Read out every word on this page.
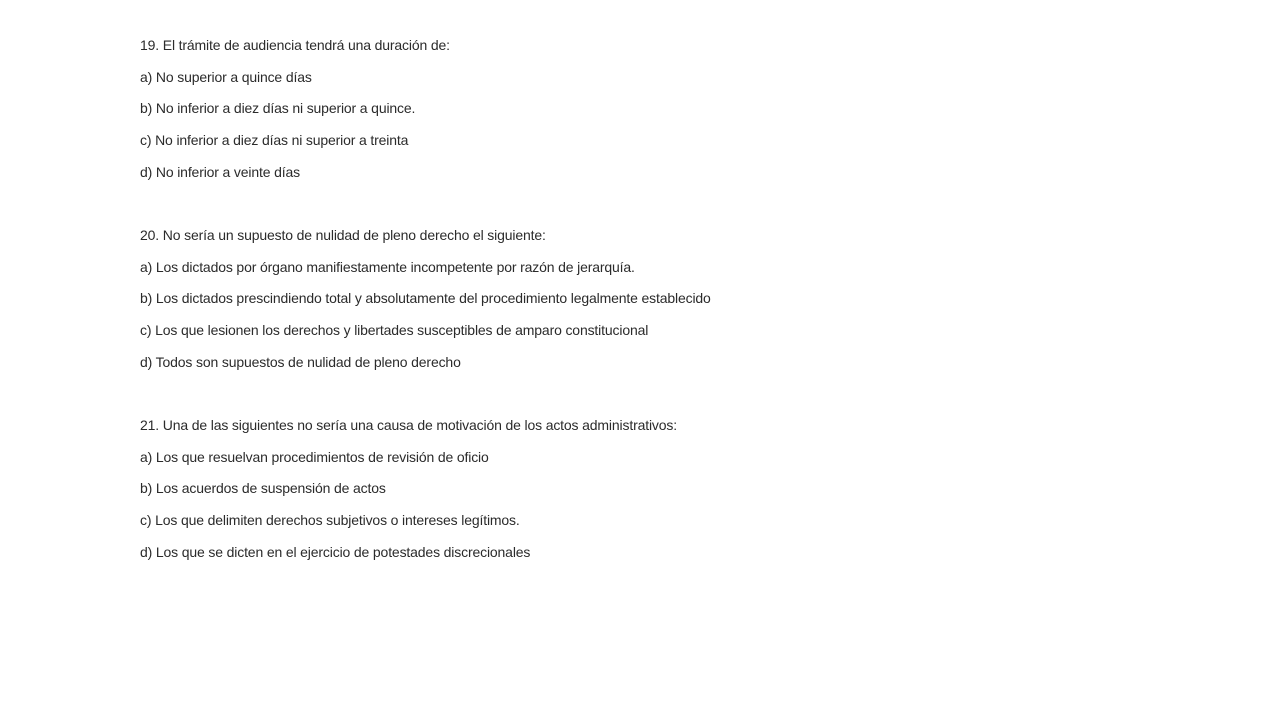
19. El trámite de audiencia tendrá una duración de:

a) No superior a quince días

b) No inferior a diez días ni superior a quince.

c) No inferior a diez días ni superior a treinta

d) No inferior a veinte días

20. No sería un supuesto de nulidad de pleno derecho el siguiente:

a) Los dictados por órgano manifiestamente incompetente por razón de jerarquía.

b) Los dictados prescindiendo total y absolutamente del procedimiento legalmente establecido

c) Los que lesionen los derechos y libertades susceptibles de amparo constitucional

d) Todos son supuestos de nulidad de pleno derecho

21. Una de las siguientes no sería una causa de motivación de los actos administrativos:

a) Los que resuelvan procedimientos de revisión de oficio

b) Los acuerdos de suspensión de actos

c) Los que delimiten derechos subjetivos o intereses legítimos.

d) Los que se dicten en el ejercicio de potestades discrecionales
